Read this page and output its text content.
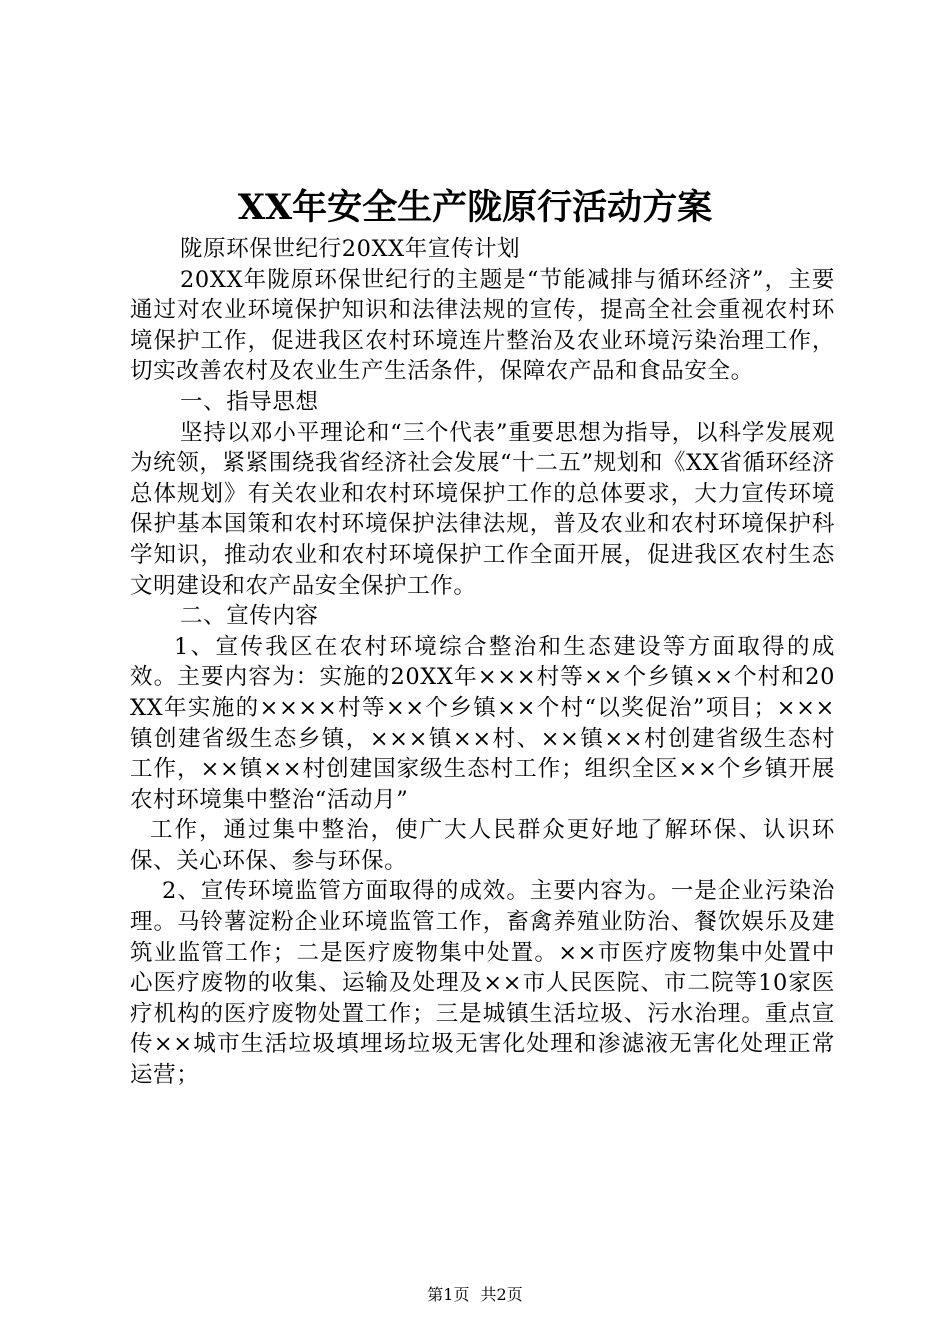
XX年安全生产陇原行活动方案

陇原环保世纪行20XX年宣传计划

20XX年陇原环保世纪行的主题是“节能减排与循环经济”，主要通过对农业环境保护知识和法律法规的宣传，提高全社会重视农村环境保护工作，促进我区农村环境连片整治及农业环境污染治理工作，切实改善农村及农业生产生活条件，保障农产品和食品安全。

一、指导思想

坚持以邓小平理论和“三个代表”重要思想为指导，以科学发展观为统领，紧紧围绕我省经济社会发展“十二五”规划和《XX省循环经济总体规划》有关农业和农村环境保护工作的总体要求，大力宣传环境保护基本国策和农村环境保护法律法规，普及农业和农村环境保护科学知识，推动农业和农村环境保护工作全面开展，促进我区农村生态文明建设和农产品安全保护工作。

二、宣传内容

1、宣传我区在农村环境综合整治和生态建设等方面取得的成效。主要内容为：实施的20XX年×××村等××个乡镇××个村和20XX年实施的××××村等××个乡镇××个村“以奖促治”项目；×××镇创建省级生态乡镇，×××镇××村、××镇××村创建省级生态村工作，××镇××村创建国家级生态村工作；组织全区××个乡镇开展农村环境集中整治“活动月”

工作，通过集中整治，使广大人民群众更好地了解环保、认识环保、关心环保、参与环保。

2、宣传环境监管方面取得的成效。主要内容为。一是企业污染治理。马铃薯淀粉企业环境监管工作，畜禽养殖业防治、餐饮娱乐及建筑业监管工作；二是医疗废物集中处置。××市医疗废物集中处置中心医疗废物的收集、运输及处理及××市人民医院、市二院等10家医疗机构的医疗废物处置工作；三是城镇生活垃圾、污水治理。重点宣传××城市生活垃圾填埋场垃圾无害化处理和渗滤液无害化处理正常运营；

第1页 共2页
